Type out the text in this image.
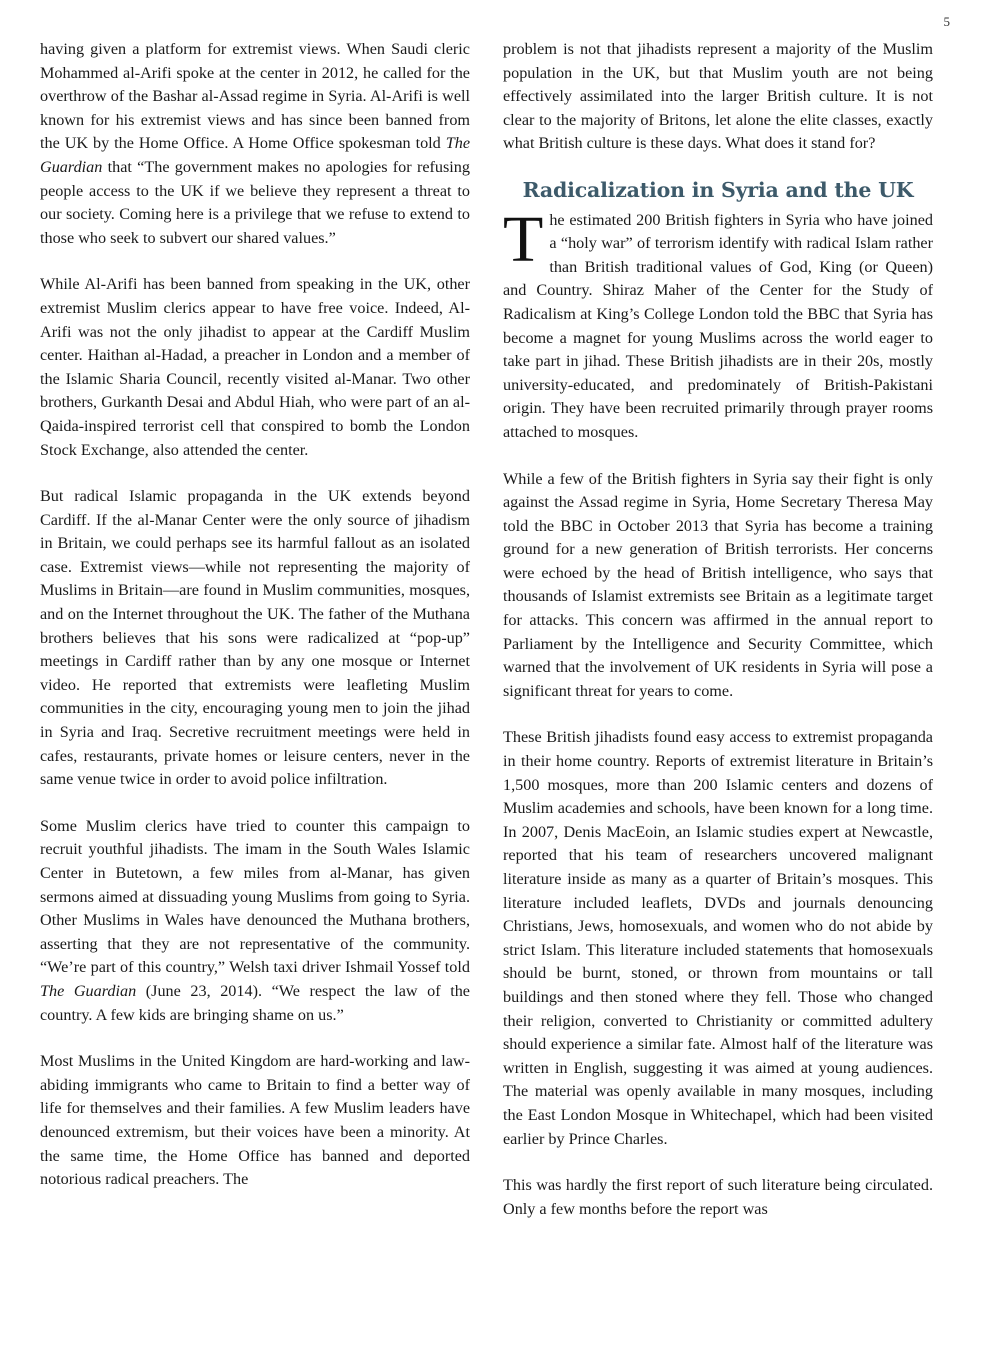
5

having given a platform for extremist views. When Saudi cleric Mohammed al-Arifi spoke at the center in 2012, he called for the overthrow of the Bashar al-Assad regime in Syria. Al-Arifi is well known for his extremist views and has since been banned from the UK by the Home Office. A Home Office spokesman told The Guardian that “The government makes no apologies for refusing people access to the UK if we believe they represent a threat to our society. Coming here is a privilege that we refuse to extend to those who seek to subvert our shared values.”

While Al-Arifi has been banned from speaking in the UK, other extremist Muslim clerics appear to have free voice. Indeed, Al-Arifi was not the only jihadist to appear at the Cardiff Muslim center. Haithan al-Hadad, a preacher in London and a member of the Islamic Sharia Council, recently visited al-Manar. Two other brothers, Gurkanth Desai and Abdul Hiah, who were part of an al-Qaida-inspired terrorist cell that conspired to bomb the London Stock Exchange, also attended the center.

But radical Islamic propaganda in the UK extends beyond Cardiff. If the al-Manar Center were the only source of jihadism in Britain, we could perhaps see its harmful fallout as an isolated case. Extremist views—while not representing the majority of Muslims in Britain—are found in Muslim communities, mosques, and on the Internet throughout the UK. The father of the Muthana brothers believes that his sons were radicalized at “pop-up” meetings in Cardiff rather than by any one mosque or Internet video. He reported that extremists were leafleting Muslim communities in the city, encouraging young men to join the jihad in Syria and Iraq. Secretive recruitment meetings were held in cafes, restaurants, private homes or leisure centers, never in the same venue twice in order to avoid police infiltration.

Some Muslim clerics have tried to counter this campaign to recruit youthful jihadists. The imam in the South Wales Islamic Center in Butetown, a few miles from al-Manar, has given sermons aimed at dissuading young Muslims from going to Syria. Other Muslims in Wales have denounced the Muthana brothers, asserting that they are not representative of the community. “We’re part of this country,” Welsh taxi driver Ishmail Yossef told The Guardian (June 23, 2014). “We respect the law of the country. A few kids are bringing shame on us.”

Most Muslims in the United Kingdom are hard-working and law-abiding immigrants who came to Britain to find a better way of life for themselves and their families. A few Muslim leaders have denounced extremism, but their voices have been a minority. At the same time, the Home Office has banned and deported notorious radical preachers. The

problem is not that jihadists represent a majority of the Muslim population in the UK, but that Muslim youth are not being effectively assimilated into the larger British culture. It is not clear to the majority of Britons, let alone the elite classes, exactly what British culture is these days. What does it stand for?

Radicalization in Syria and the UK

The estimated 200 British fighters in Syria who have joined a “holy war” of terrorism identify with radical Islam rather than British traditional values of God, King (or Queen) and Country. Shiraz Maher of the Center for the Study of Radicalism at King’s College London told the BBC that Syria has become a magnet for young Muslims across the world eager to take part in jihad. These British jihadists are in their 20s, mostly university-educated, and predominately of British-Pakistani origin. They have been recruited primarily through prayer rooms attached to mosques.

While a few of the British fighters in Syria say their fight is only against the Assad regime in Syria, Home Secretary Theresa May told the BBC in October 2013 that Syria has become a training ground for a new generation of British terrorists. Her concerns were echoed by the head of British intelligence, who says that thousands of Islamist extremists see Britain as a legitimate target for attacks. This concern was affirmed in the annual report to Parliament by the Intelligence and Security Committee, which warned that the involvement of UK residents in Syria will pose a significant threat for years to come.

These British jihadists found easy access to extremist propaganda in their home country. Reports of extremist literature in Britain’s 1,500 mosques, more than 200 Islamic centers and dozens of Muslim academies and schools, have been known for a long time. In 2007, Denis MacEoin, an Islamic studies expert at Newcastle, reported that his team of researchers uncovered malignant literature inside as many as a quarter of Britain’s mosques. This literature included leaflets, DVDs and journals denouncing Christians, Jews, homosexuals, and women who do not abide by strict Islam. This literature included statements that homosexuals should be burnt, stoned, or thrown from mountains or tall buildings and then stoned where they fell. Those who changed their religion, converted to Christianity or committed adultery should experience a similar fate. Almost half of the literature was written in English, suggesting it was aimed at young audiences. The material was openly available in many mosques, including the East London Mosque in Whitechapel, which had been visited earlier by Prince Charles.

This was hardly the first report of such literature being circulated. Only a few months before the report was
